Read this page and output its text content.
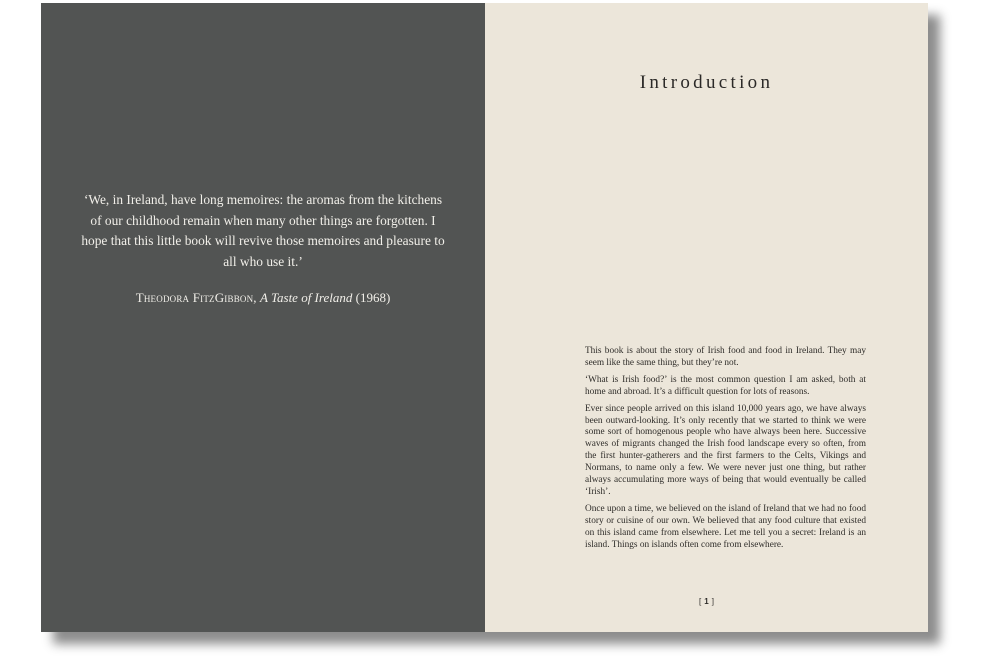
‘We, in Ireland, have long memoires: the aromas from the kitchens of our childhood remain when many other things are forgotten. I hope that this little book will revive those memoires and pleasure to all who use it.’
Theodora FitzGibbon, A Taste of Ireland (1968)
Introduction

This book is about the story of Irish food and food in Ireland. They may seem like the same thing, but they’re not.

‘What is Irish food?’ is the most common question I am asked, both at home and abroad. It’s a difficult question for lots of reasons.

Ever since people arrived on this island 10,000 years ago, we have always been outward-looking. It’s only recently that we started to think we were some sort of homogenous people who have always been here. Successive waves of migrants changed the Irish food landscape every so often, from the first hunter-gatherers and the first farmers to the Celts, Vikings and Normans, to name only a few. We were never just one thing, but rather always accumulating more ways of being that would eventually be called ‘Irish’.

Once upon a time, we believed on the island of Ireland that we had no food story or cuisine of our own. We believed that any food culture that existed on this island came from elsewhere. Let me tell you a secret: Ireland is an island. Things on islands often come from elsewhere.

[ 1 ]
